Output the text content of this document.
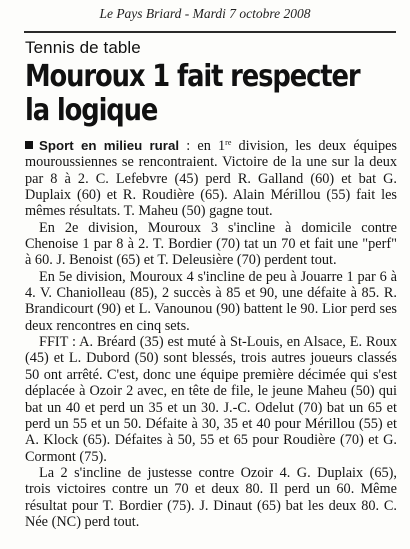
Le Pays Briard - Mardi 7 octobre 2008
Tennis de table
Mouroux 1 fait respecter
la logique

Sport en milieu rural : en 1re division, les deux équipes mouroussiennes se rencontraient. Victoire de la une sur la deux par 8 à 2. C. Lefebvre (45) perd R. Galland (60) et bat G. Duplaix (60) et R. Roudière (65). Alain Mérillou (55) fait les mêmes résultats. T. Maheu (50) gagne tout.

En 2e division, Mouroux 3 s'incline à domicile contre Chenoise 1 par 8 à 2. T. Bordier (70) tat un 70 et fait une "perf" à 60. J. Benoist (65) et T. Deleusière (70) perdent tout.

En 5e division, Mouroux 4 s'incline de peu à Jouarre 1 par 6 à 4. V. Chaniolleau (85), 2 succès à 85 et 90, une défaite à 85. R. Brandicourt (90) et L. Vanounou (90) battent le 90. Lior perd ses deux rencontres en cinq sets.

FFIT : A. Bréard (35) est muté à St-Louis, en Alsace, E. Roux (45) et L. Dubord (50) sont blessés, trois autres joueurs classés 50 ont arrêté. C'est, donc une équipe première décimée qui s'est déplacée à Ozoir 2 avec, en tête de file, le jeune Maheu (50) qui bat un 40 et perd un 35 et un 30. J.-C. Odelut (70) bat un 65 et perd un 55 et un 50. Défaite à 30, 35 et 40 pour Mérillou (55) et A. Klock (65). Défaites à 50, 55 et 65 pour Roudière (70) et G. Cormont (75).

La 2 s'incline de justesse contre Ozoir 4. G. Duplaix (65), trois victoires contre un 70 et deux 80. Il perd un 60. Même résultat pour T. Bordier (75). J. Dinaut (65) bat les deux 80. C. Née (NC) perd tout.
